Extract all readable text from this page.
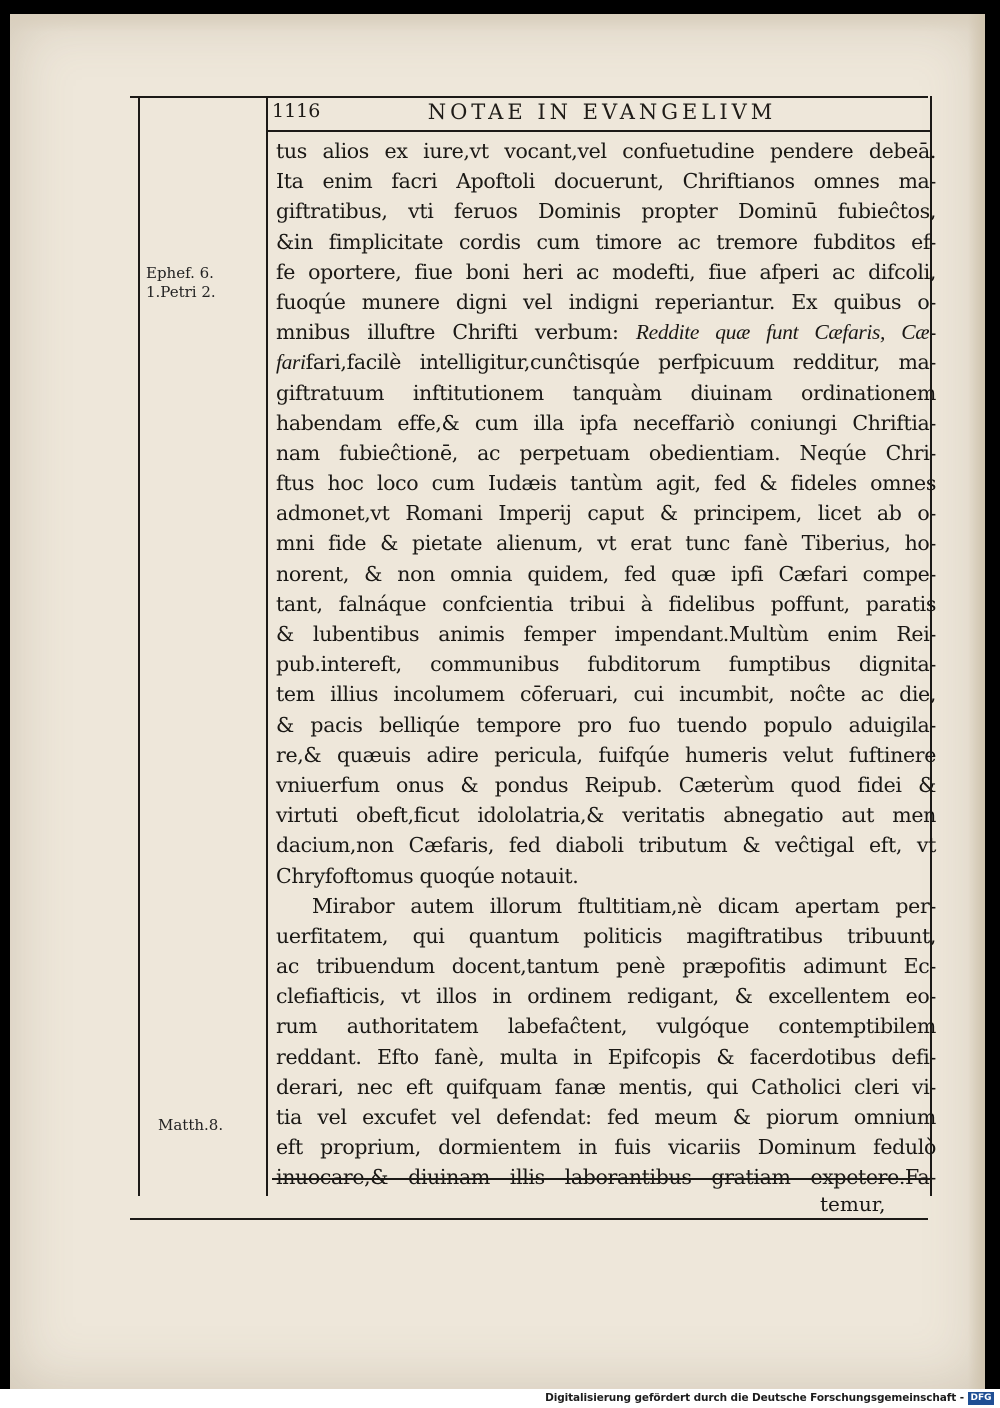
1116	NOTAE IN EVANGELIVM
Ephef. 6.
1.Petri 2.
Matth.8.
tus alios ex iure,vt vocant,vel confuetudine pendere debeā.
Ita enim facri Apoftoli docuerunt, Chriftianos omnes ma-
giftratibus, vti feruos Dominis propter Dominū fubieĉtos,
&in fimplicitate cordis cum timore ac tremore fubditos ef-
fe oportere, fiue boni heri ac modefti, fiue afperi ac difcoli,
fuoqúe munere digni vel indigni reperiantur. Ex quibus o-
mnibus illuftre Chrifti verbum: Reddite quæ funt Cæfaris, Cæ-
farifari,facilè intelligitur,cunĉtisqúe perfpicuum redditur, ma-
giftratuum inftitutionem tanquàm diuinam ordinationem
habendam effe,& cum illa ipfa neceffariò coniungi Chriftia-
nam fubieĉtionē, ac perpetuam obedientiam. Neqúe Chri-
ftus hoc loco cum Iudæis tantùm agit, fed & fideles omnes
admonet,vt Romani Imperij caput & principem, licet ab o-
mni fide & pietate alienum, vt erat tunc fanè Tiberius, ho-
norent, & non omnia quidem, fed quæ ipfi Cæfari compe-
tant, falnáque confcientia tribui à fidelibus poffunt, paratis
& lubentibus animis femper impendant.Multùm enim Rei-
pub.intereft, communibus fubditorum fumptibus dignita-
tem illius incolumem cōferuari, cui incumbit, noĉte ac die,
& pacis belliqúe tempore pro fuo tuendo populo aduigila-
re,& quæuis adire pericula, fuifqúe humeris velut fuftinere
vniuerfum onus & pondus Reipub. Cæterùm quod fidei &
virtuti obeft,ficut idololatria,& veritatis abnegatio aut men
dacium,non Cæfaris, fed diaboli tributum & veĉtigal eft, vt
Chryfoftomus quoqúe notauit.
Mirabor autem illorum ftultitiam,nè dicam apertam per-
uerfitatem, qui quantum politicis magiftratibus tribuunt,
ac tribuendum docent,tantum penè præpofitis adimunt Ec-
clefiafticis, vt illos in ordinem redigant, & excellentem eo-
rum authoritatem labefaĉtent, vulgóque contemptibilem
reddant. Efto fanè, multa in Epifcopis & facerdotibus defi-
derari, nec eft quifquam fanæ mentis, qui Catholici cleri vi-
tia vel excufet vel defendat: fed meum & piorum omnium
eft proprium, dormientem in fuis vicariis Dominum fedulò
inuocare,& diuinam illis laborantibus gratiam expetere.Fa-
temur,
Digitalisierung gefördert durch die Deutsche Forschungsgemeinschaft - DFG
